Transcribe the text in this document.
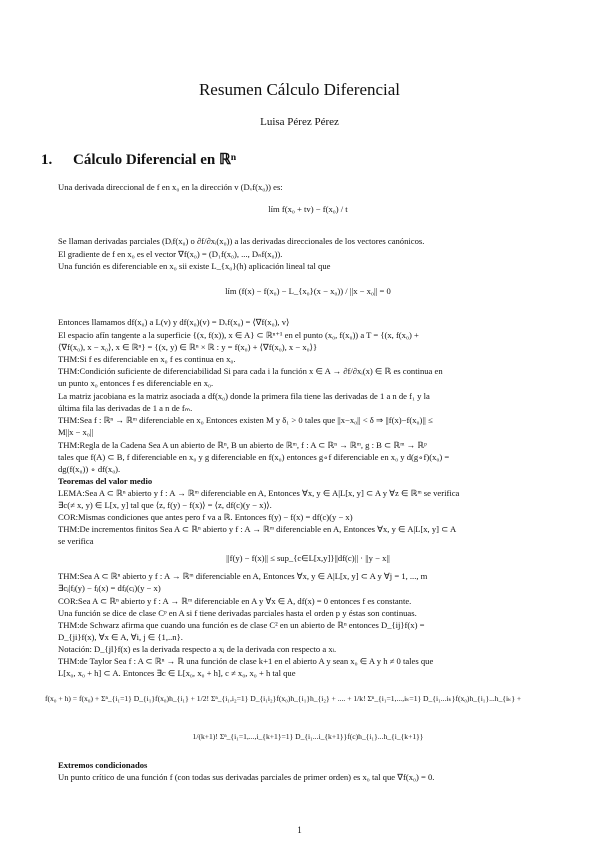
Resumen Cálculo Diferencial
Luisa Pérez Pérez
1. Cálculo Diferencial en ℝⁿ
Una derivada direccional de f en x₀ en la dirección v (Dᵥf(x₀)) es:
lím f(x₀ + tv) − f(x₀) / t
Se llaman derivadas parciales (Dᵢf(x₀) o ∂f/∂xᵢ(x₀)) a las derivadas direccionales de los vectores canónicos.
El gradiente de f en x₀ es el vector ∇f(x₀) = (D₁f(x₀), ..., Dₙf(x₀)).
Una función es diferenciable en x₀ sii existe L_{x₀}(h) aplicación lineal tal que
lím (f(x) − f(x₀) − L_{x₀}(x − x₀)) / ||x − x₀|| = 0
Entonces llamamos df(x₀) a L(v) y df(x₀)(v) = Dᵥf(x₀) = ⟨∇f(x₀), v⟩
El espacio afín tangente a la superficie {(x, f(x)), x ∈ A} ⊂ ℝⁿ⁺¹ en el punto (x₀, f(x₀)) a T = {(x, f(x₀) +
⟨∇f(x₀), x − x₀⟩, x ∈ ℝⁿ} = {(x, y) ∈ ℝⁿ × ℝ : y = f(x₀) + ⟨∇f(x₀), x − x₀⟩}
THM:Si f es diferenciable en x₀ f es continua en x₀.
THM:Condición suficiente de diferenciabilidad Si para cada i la función x ∈ A → ∂f/∂xᵢ(x) ∈ ℝ es continua en
un punto x₀ entonces f es diferenciable en x₀.
La matriz jacobiana es la matriz asociada a df(x₀) donde la primera fila tiene las derivadas de 1 a n de f₁ y la
última fila las derivadas de 1 a n de fₘ.
THM:Sea f : ℝⁿ → ℝᵐ diferenciable en x₀ Entonces existen M y δ₁ > 0 tales que ||x−x₀|| < δ ⇒ ||f(x)−f(x₀)|| ≤
M||x − x₀||
THM:Regla de la Cadena Sea A un abierto de ℝⁿ, B un abierto de ℝᵐ, f : A ⊂ ℝⁿ → ℝᵐ, g : B ⊂ ℝᵐ → ℝᵖ
tales que f(A) ⊂ B, f diferenciable en x₀ y g diferenciable en f(x₀) entonces g∘f diferenciable en x₀ y d(g∘f)(x₀) =
dg(f(x₀)) ∘ df(x₀).
Teoremas del valor medio
LEMA:Sea A ⊂ ℝⁿ abierto y f : A → ℝᵐ diferenciable en A, Entonces ∀x, y ∈ A|L[x, y] ⊂ A y ∀z ∈ ℝᵐ se verifica
∃c(≠ x, y) ∈ L[x, y] tal que ⟨z, f(y) − f(x)⟩ = ⟨z, df(c)(y − x)⟩.
COR:Mismas condiciones que antes pero f va a ℝ. Entonces f(y) − f(x) = df(c)(y − x)
THM:De incrementos finitos Sea A ⊂ ℝⁿ abierto y f : A → ℝᵐ diferenciable en A, Entonces ∀x, y ∈ A|L[x, y] ⊂ A
se verifica
||f(y) − f(x)|| ≤ sup_{c∈L[x,y]}||df(c)|| · ||y − x||
THM:Sea A ⊂ ℝⁿ abierto y f : A → ℝᵐ diferenciable en A, Entonces ∀x, y ∈ A|L[x, y] ⊂ A y ∀j = 1, ..., m
∃cⱼ|fⱼ(y) − fⱼ(x) = dfⱼ(cⱼ)(y − x)
COR:Sea A ⊂ ℝⁿ abierto y f : A → ℝᵐ diferenciable en A y ∀x ∈ A, df(x) = 0 entonces f es constante.
Una función se dice de clase Cᵖ en A si f tiene derivadas parciales hasta el orden p y éstas son continuas.
THM:de Schwarz afirma que cuando una función es de clase C² en un abierto de ℝⁿ entonces D_{ij}f(x) =
D_{ji}f(x), ∀x ∈ A, ∀i, j ∈ {1,..n}.
Notación: D_{jl}f(x) es la derivada respecto a xⱼ de la derivada con respecto a xₗ.
THM:de Taylor Sea f : A ⊂ ℝⁿ → ℝ una función de clase k+1 en el abierto A y sean x₀ ∈ A y h ≠ 0 tales que
L[x₀, x₀ + h] ⊂ A. Entonces ∃c ∈ L[x₀, x₀ + h], c ≠ x₀, x₀ + h tal que
f(x₀ + h) = f(x₀) + Σⁿ_{i₁=1} D_{i₁}f(x₀)h_{i₁} + 1/2! Σⁿ_{i₁,i₂=1} D_{i₁i₂}f(x₀)h_{i₁}h_{i₂} + .... + 1/k! Σⁿ_{i₁=1,...,iₖ=1} D_{i₁...iₖ}f(x₀)h_{i₁}...h_{iₖ} +
1/(k+1)! Σⁿ_{i₁=1,...,i_{k+1}=1} D_{i₁...i_{k+1}}f(c)h_{i₁}...h_{i_{k+1}}
Extremos condicionados
Un punto crítico de una función f (con todas sus derivadas parciales de primer orden) es x₀ tal que ∇f(x₀) = 0.
1
